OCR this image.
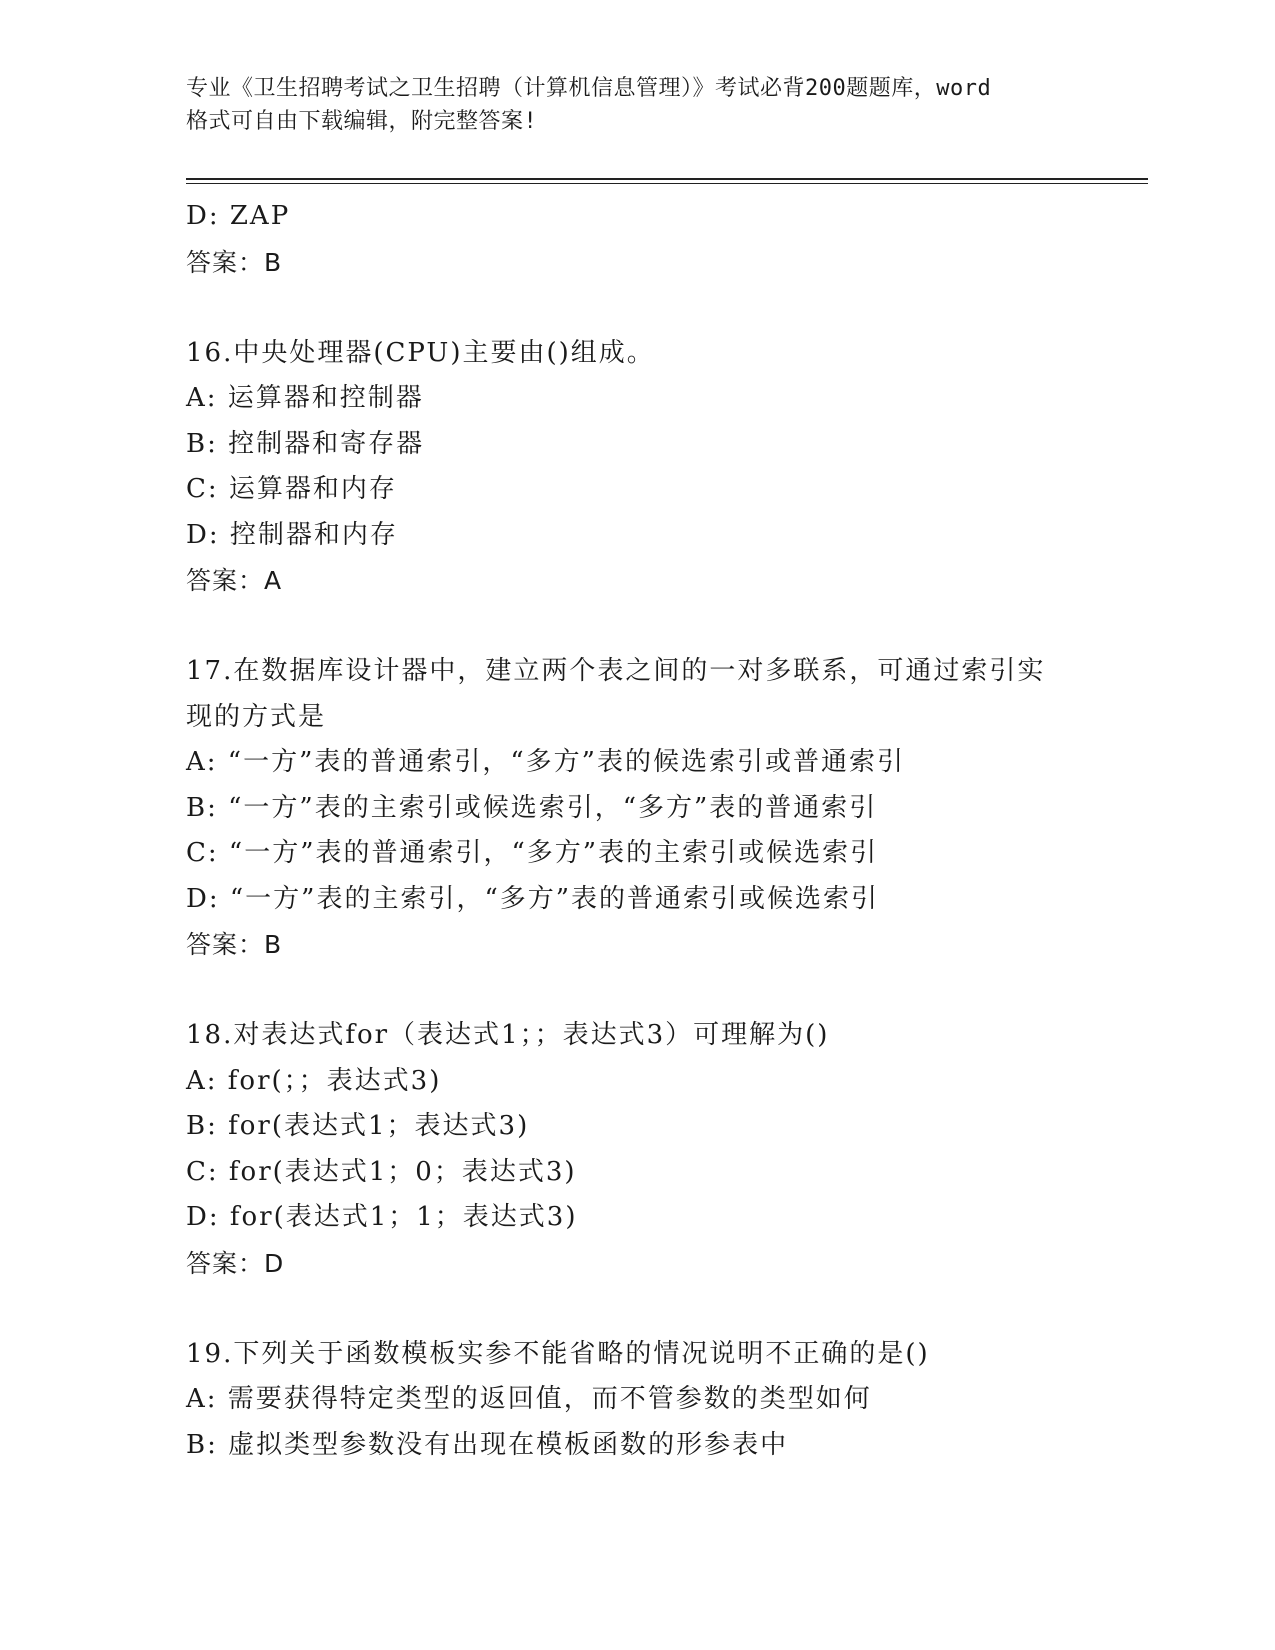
专业《卫生招聘考试之卫生招聘（计算机信息管理）》考试必背200题题库，word
格式可自由下载编辑，附完整答案!
D: ZAP
答案：B
16.中央处理器(CPU)主要由()组成。
A: 运算器和控制器
B: 控制器和寄存器
C: 运算器和内存
D: 控制器和内存
答案：A
17.在数据库设计器中，建立两个表之间的一对多联系，可通过索引实
现的方式是
A: “一方”表的普通索引，“多方”表的候选索引或普通索引
B: “一方”表的主索引或候选索引，“多方”表的普通索引
C: “一方”表的普通索引，“多方”表的主索引或候选索引
D: “一方”表的主索引，“多方”表的普通索引或候选索引
答案：B
18.对表达式for（表达式1；；表达式3）可理解为()
A: for(；；表达式3)
B: for(表达式1；表达式3)
C: for(表达式1；0；表达式3)
D: for(表达式1；1；表达式3)
答案：D
19.下列关于函数模板实参不能省略的情况说明不正确的是()
A: 需要获得特定类型的返回值，而不管参数的类型如何
B: 虚拟类型参数没有出现在模板函数的形参表中
